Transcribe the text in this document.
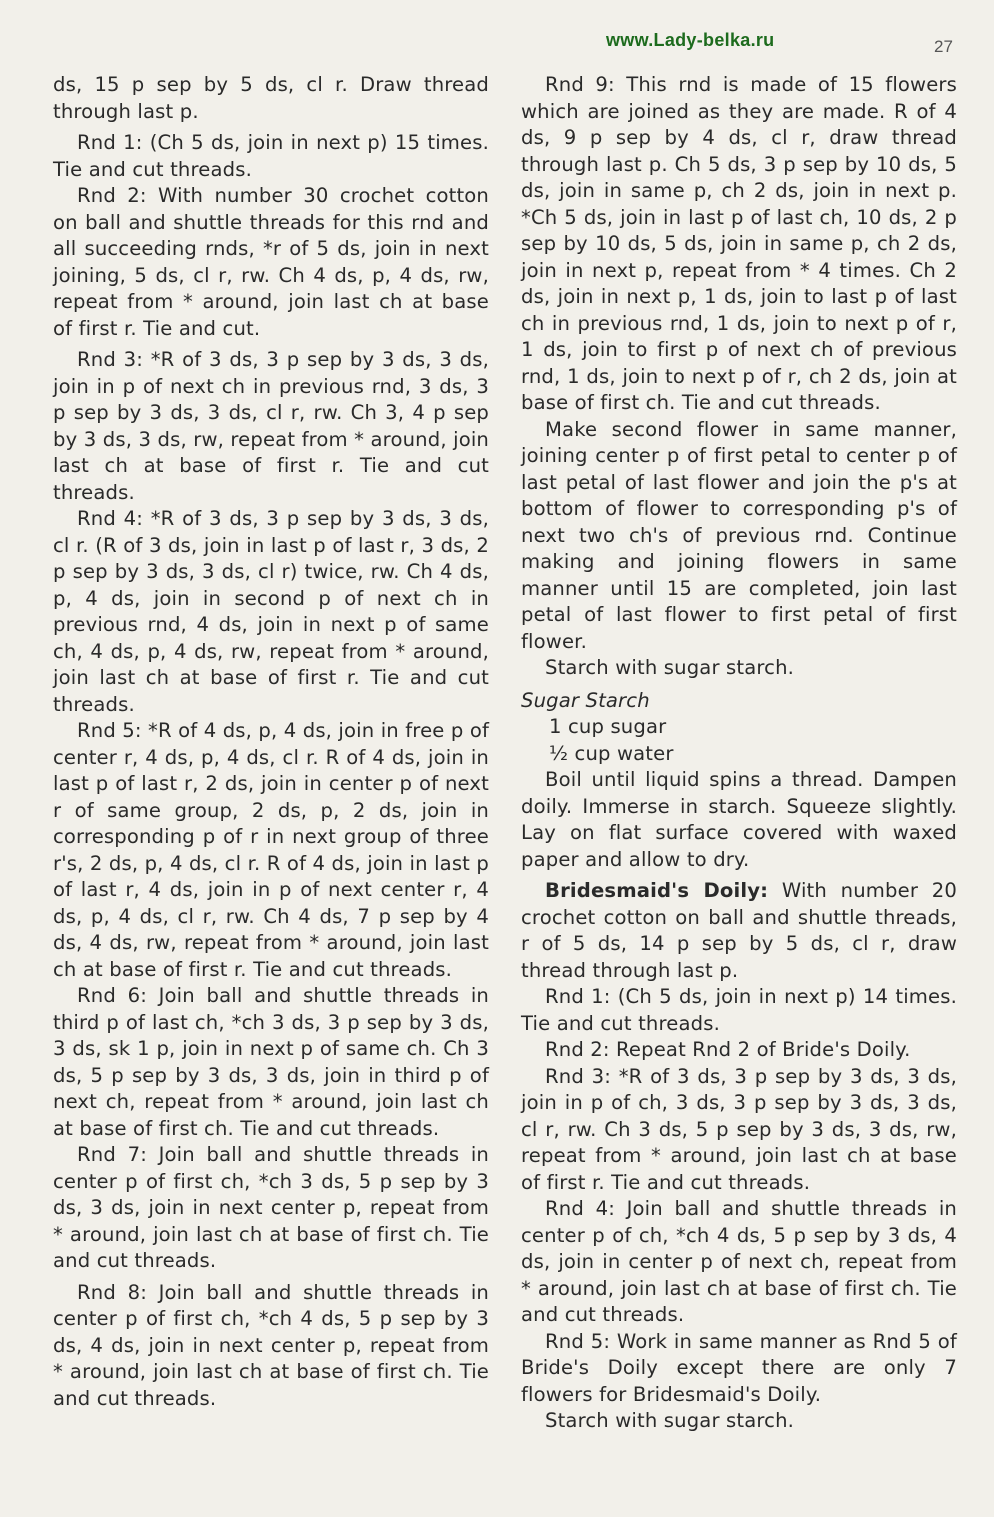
www.Lady-belka.ru	27

ds, 15 p sep by 5 ds, cl r. Draw thread through last p.

Rnd 1: (Ch 5 ds, join in next p) 15 times. Tie and cut threads.

Rnd 2: With number 30 crochet cotton on ball and shuttle threads for this rnd and all succeeding rnds, *r of 5 ds, join in next joining, 5 ds, cl r, rw. Ch 4 ds, p, 4 ds, rw, repeat from * around, join last ch at base of first r. Tie and cut.

Rnd 3: *R of 3 ds, 3 p sep by 3 ds, 3 ds, join in p of next ch in previous rnd, 3 ds, 3 p sep by 3 ds, 3 ds, cl r, rw. Ch 3, 4 p sep by 3 ds, 3 ds, rw, repeat from * around, join last ch at base of first r. Tie and cut threads.

Rnd 4: *R of 3 ds, 3 p sep by 3 ds, 3 ds, cl r. (R of 3 ds, join in last p of last r, 3 ds, 2 p sep by 3 ds, 3 ds, cl r) twice, rw. Ch 4 ds, p, 4 ds, join in second p of next ch in previous rnd, 4 ds, join in next p of same ch, 4 ds, p, 4 ds, rw, repeat from * around, join last ch at base of first r. Tie and cut threads.

Rnd 5: *R of 4 ds, p, 4 ds, join in free p of center r, 4 ds, p, 4 ds, cl r. R of 4 ds, join in last p of last r, 2 ds, join in center p of next r of same group, 2 ds, p, 2 ds, join in corresponding p of r in next group of three r's, 2 ds, p, 4 ds, cl r. R of 4 ds, join in last p of last r, 4 ds, join in p of next center r, 4 ds, p, 4 ds, cl r, rw. Ch 4 ds, 7 p sep by 4 ds, 4 ds, rw, repeat from * around, join last ch at base of first r. Tie and cut threads.

Rnd 6: Join ball and shuttle threads in third p of last ch, *ch 3 ds, 3 p sep by 3 ds, 3 ds, sk 1 p, join in next p of same ch. Ch 3 ds, 5 p sep by 3 ds, 3 ds, join in third p of next ch, repeat from * around, join last ch at base of first ch. Tie and cut threads.

Rnd 7: Join ball and shuttle threads in center p of first ch, *ch 3 ds, 5 p sep by 3 ds, 3 ds, join in next center p, repeat from * around, join last ch at base of first ch. Tie and cut threads.

Rnd 8: Join ball and shuttle threads in center p of first ch, *ch 4 ds, 5 p sep by 3 ds, 4 ds, join in next center p, repeat from * around, join last ch at base of first ch. Tie and cut threads.

Rnd 9: This rnd is made of 15 flowers which are joined as they are made. R of 4 ds, 9 p sep by 4 ds, cl r, draw thread through last p. Ch 5 ds, 3 p sep by 10 ds, 5 ds, join in same p, ch 2 ds, join in next p. *Ch 5 ds, join in last p of last ch, 10 ds, 2 p sep by 10 ds, 5 ds, join in same p, ch 2 ds, join in next p, repeat from * 4 times. Ch 2 ds, join in next p, 1 ds, join to last p of last ch in previous rnd, 1 ds, join to next p of r, 1 ds, join to first p of next ch of previous rnd, 1 ds, join to next p of r, ch 2 ds, join at base of first ch. Tie and cut threads.

Make second flower in same manner, joining center p of first petal to center p of last petal of last flower and join the p's at bottom of flower to corresponding p's of next two ch's of previous rnd. Continue making and joining flowers in same manner until 15 are completed, join last petal of last flower to first petal of first flower.

Starch with sugar starch.

Sugar Starch

1 cup sugar

½ cup water

Boil until liquid spins a thread. Dampen doily. Immerse in starch. Squeeze slightly. Lay on flat surface covered with waxed paper and allow to dry.

Bridesmaid's Doily: With number 20 crochet cotton on ball and shuttle threads, r of 5 ds, 14 p sep by 5 ds, cl r, draw thread through last p.

Rnd 1: (Ch 5 ds, join in next p) 14 times. Tie and cut threads.

Rnd 2: Repeat Rnd 2 of Bride's Doily.

Rnd 3: *R of 3 ds, 3 p sep by 3 ds, 3 ds, join in p of ch, 3 ds, 3 p sep by 3 ds, 3 ds, cl r, rw. Ch 3 ds, 5 p sep by 3 ds, 3 ds, rw, repeat from * around, join last ch at base of first r. Tie and cut threads.

Rnd 4: Join ball and shuttle threads in center p of ch, *ch 4 ds, 5 p sep by 3 ds, 4 ds, join in center p of next ch, repeat from * around, join last ch at base of first ch. Tie and cut threads.

Rnd 5: Work in same manner as Rnd 5 of Bride's Doily except there are only 7 flowers for Bridesmaid's Doily.

Starch with sugar starch.
